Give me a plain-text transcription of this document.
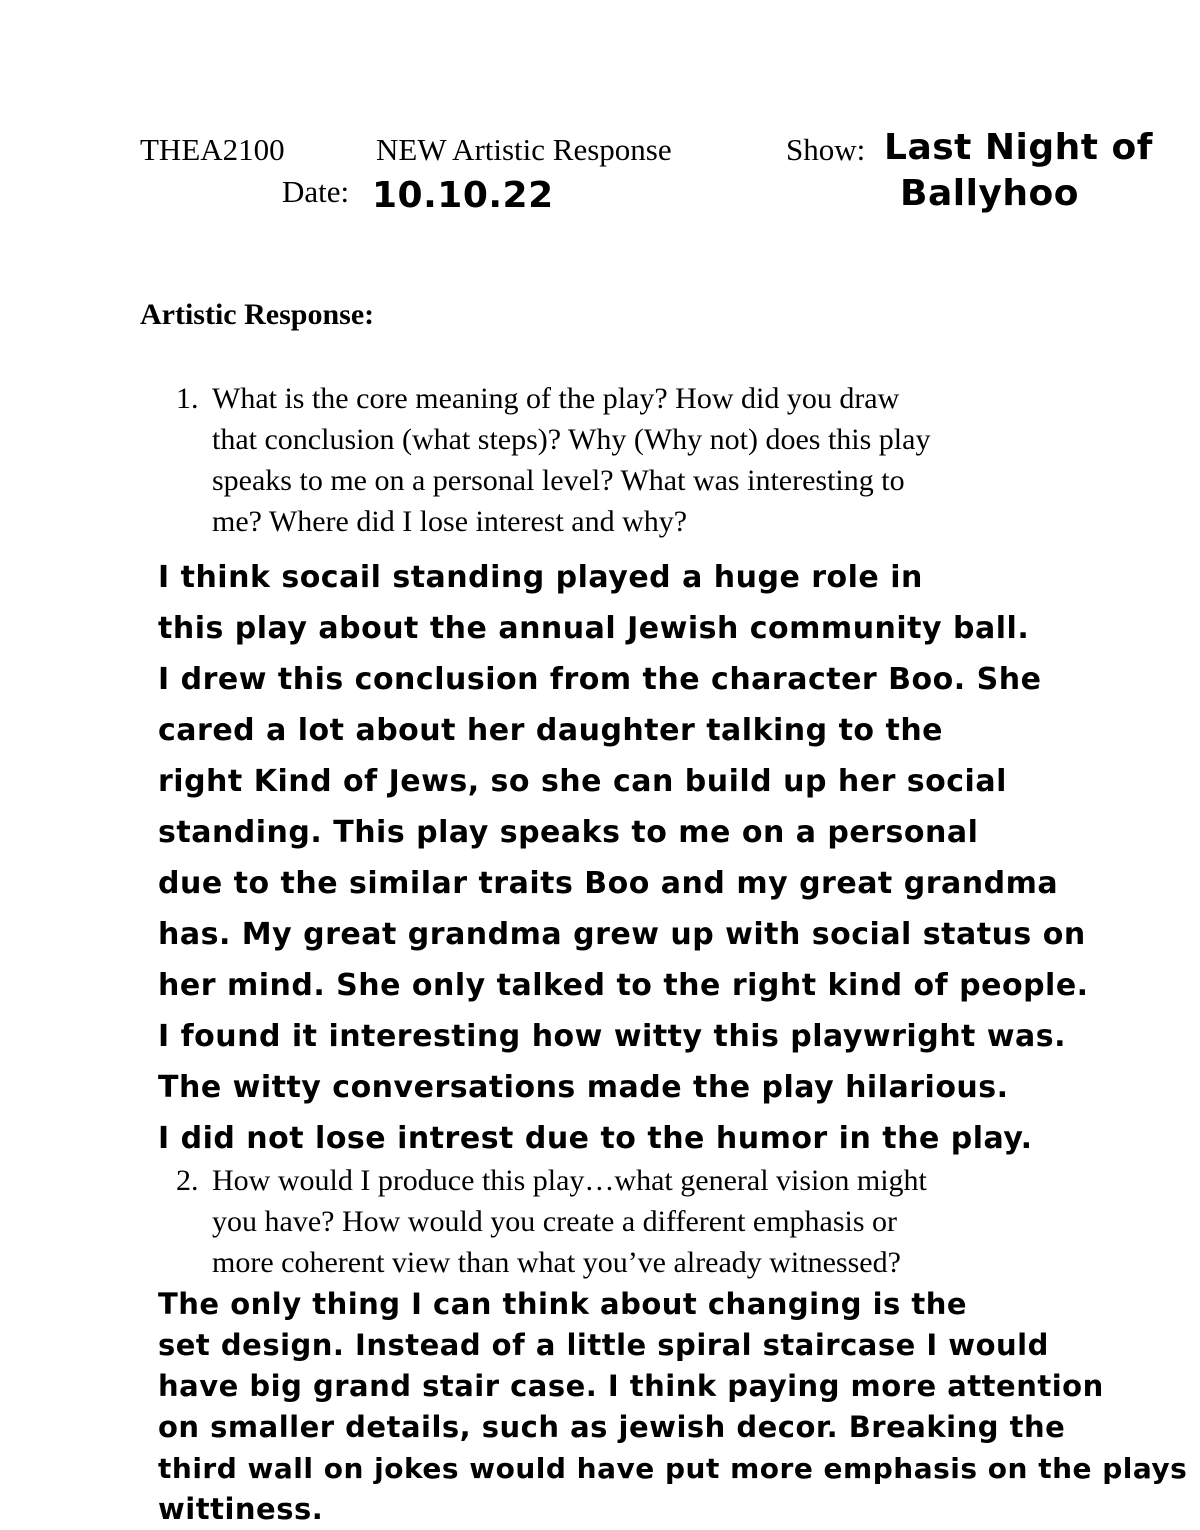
THEA2100	NEW Artistic Response	Show: Last Night of
Ballyhoo
Date: 10.10.22
Artistic Response:
1. What is the core meaning of the play? How did you draw
that conclusion (what steps)? Why (Why not) does this play
speaks to me on a personal level? What was interesting to
me? Where did I lose interest and why?
I think socail standing played a huge role in
this play about the annual Jewish community ball.
I drew this conclusion from the character Boo. She
cared a lot about her daughter talking to the
right Kind of Jews, so she can build up her social
standing. This play speaks to me on a personal
due to the similar traits Boo and my great grandma
has. My great grandma grew up with social status on
her mind. She only talked to the right kind of people.
I found it interesting how witty this playwright was.
The witty conversations made the play hilarious.
I did not lose intrest due to the humor in the play.
2. How would I produce this play…what general vision might
you have? How would you create a different emphasis or
more coherent view than what you’ve already witnessed?
The only thing I can think about changing is the
set design. Instead of a little spiral staircase I would
have big grand stair case. I think paying more attention
on smaller details, such as jewish decor. Breaking the
third wall on jokes would have put more emphasis on the plays
wittiness.
